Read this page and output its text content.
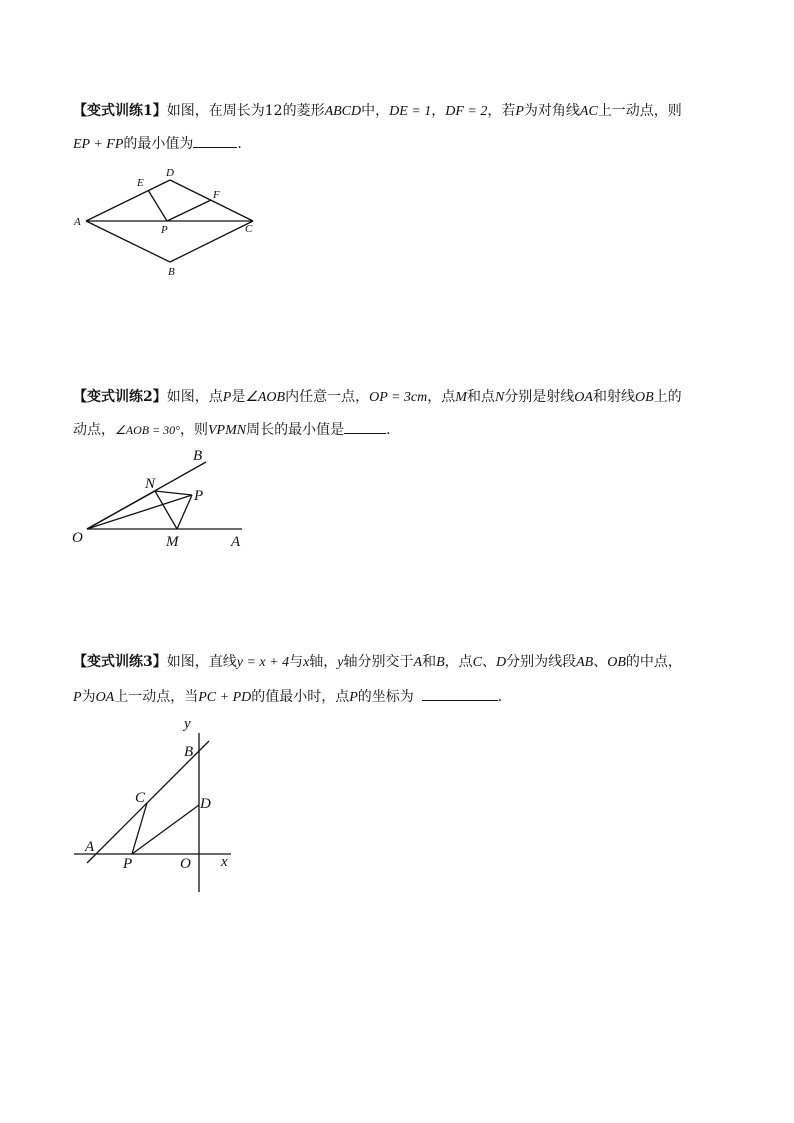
【变式训练1】如图，在周长为12的菱形ABCD中，DE = 1，DF = 2，若P为对角线AC上一动点，则
EP + FP的最小值为	.
A
D
E
F
P	C
B
O	A
B
N
P
M
y
x
B
C	D
A
P	O
【变式训练2】如图，点P是∠AOB内任意一点，OP = 3cm，点M和点N分别是射线OA和射线OB上的
动点，∠AOB = 30°，则VPMN周长的最小值是	.
【变式训练3】如图，直线y = x + 4与x轴，y轴分别交于A和B，点C、D分别为线段AB、OB的中点，
P为OA上一动点，当PC + PD的值最小时，点P的坐标为	.
